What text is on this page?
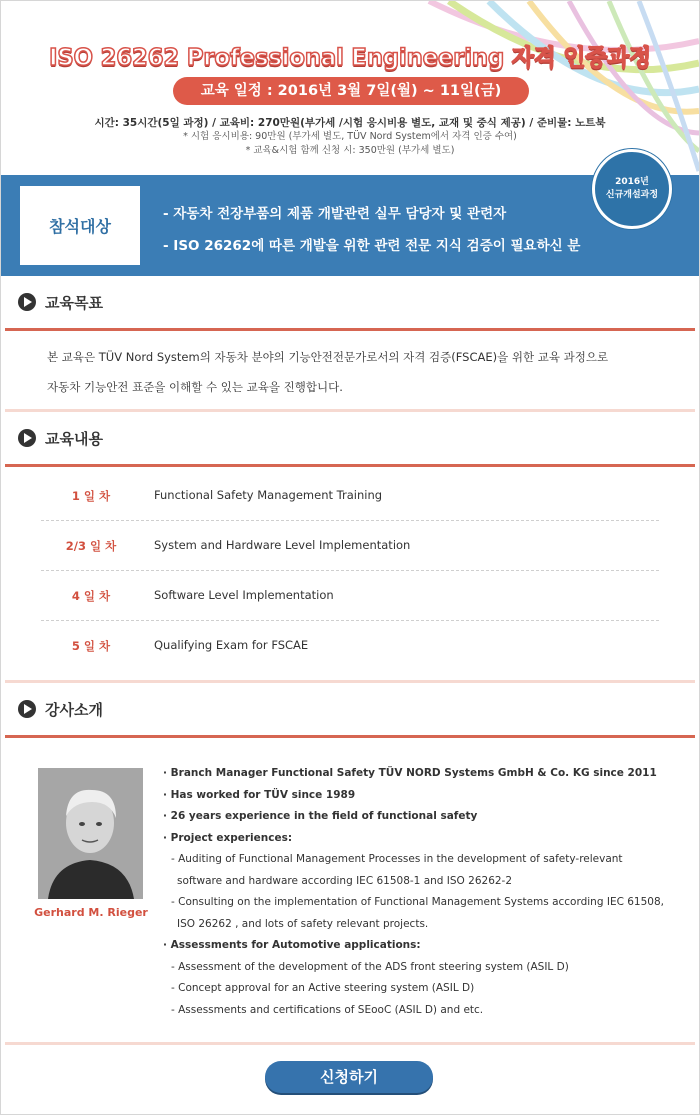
ISO 26262 Professional Engineering 자격 인증과정
교육 일정 : 2016년 3월 7일(월) ~ 11일(금)
시간: 35시간(5일 과정) / 교육비: 270만원(부가세 /시험 응시비용 별도, 교재 및 중식 제공) / 준비물: 노트북
* 시험 응시비용: 90만원 (부가세 별도, TÜV Nord System에서 자격 인증 수여)
* 교육&시험 함께 신청 시: 350만원 (부가세 별도)
2016년
신규개설과정
참석대상
- 자동차 전장부품의 제품 개발관련 실무 담당자 및 관련자
- ISO 26262에 따른 개발을 위한 관련 전문 지식 검증이 필요하신 분
교육목표
본 교육은 TÜV Nord System의 자동차 분야의 기능안전전문가로서의 자격 검증(FSCAE)을 위한 교육 과정으로
자동차 기능안전 표준을 이해할 수 있는 교육을 진행합니다.
교육내용
1 일 차	Functional Safety Management Training
2/3 일 차	System and Hardware Level Implementation
4 일 차	Software Level Implementation
5 일 차	Qualifying Exam for FSCAE
강사소개
Gerhard M. Rieger
· Branch Manager Functional Safety TÜV NORD Systems GmbH & Co. KG since 2011
· Has worked for TÜV since 1989
· 26 years experience in the field of functional safety
· Project experiences:
- Auditing of Functional Management Processes in the development of safety-relevant
software and hardware according IEC 61508-1 and ISO 26262-2
- Consulting on the implementation of Functional Management Systems according IEC 61508,
ISO 26262 , and lots of safety relevant projects.
· Assessments for Automotive applications:
- Assessment of the development of the ADS front steering system (ASIL D)
- Concept approval for an Active steering system (ASIL D)
- Assessments and certifications of SEooC (ASIL D) and etc.
신청하기
